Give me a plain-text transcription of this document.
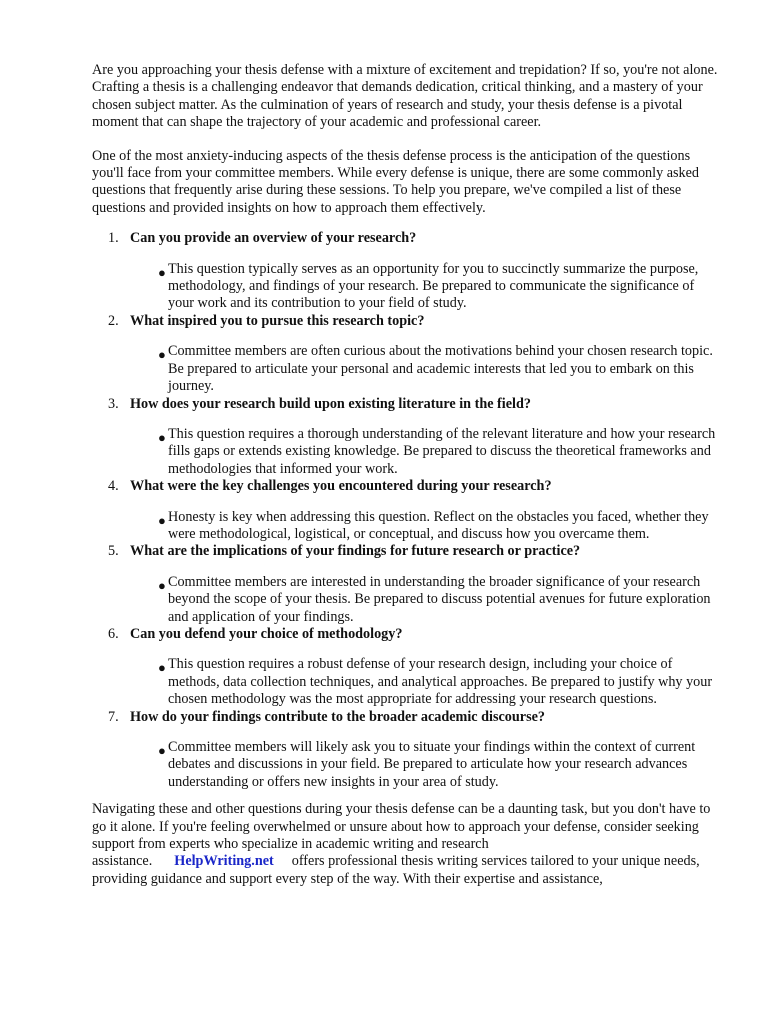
Are you approaching your thesis defense with a mixture of excitement and trepidation? If so, you're not alone. Crafting a thesis is a challenging endeavor that demands dedication, critical thinking, and a mastery of your chosen subject matter. As the culmination of years of research and study, your thesis defense is a pivotal moment that can shape the trajectory of your academic and professional career.

One of the most anxiety-inducing aspects of the thesis defense process is the anticipation of the questions you'll face from your committee members. While every defense is unique, there are some commonly asked questions that frequently arise during these sessions. To help you prepare, we've compiled a list of these questions and provided insights on how to approach them effectively.

1. Can you provide an overview of your research?
● This question typically serves as an opportunity for you to succinctly summarize the purpose, methodology, and findings of your research. Be prepared to communicate the significance of your work and its contribution to your field of study.
2. What inspired you to pursue this research topic?
● Committee members are often curious about the motivations behind your chosen research topic. Be prepared to articulate your personal and academic interests that led you to embark on this journey.
3. How does your research build upon existing literature in the field?
● This question requires a thorough understanding of the relevant literature and how your research fills gaps or extends existing knowledge. Be prepared to discuss the theoretical frameworks and methodologies that informed your work.
4. What were the key challenges you encountered during your research?
● Honesty is key when addressing this question. Reflect on the obstacles you faced, whether they were methodological, logistical, or conceptual, and discuss how you overcame them.
5. What are the implications of your findings for future research or practice?
● Committee members are interested in understanding the broader significance of your research beyond the scope of your thesis. Be prepared to discuss potential avenues for future exploration and application of your findings.
6. Can you defend your choice of methodology?
● This question requires a robust defense of your research design, including your choice of methods, data collection techniques, and analytical approaches. Be prepared to justify why your chosen methodology was the most appropriate for addressing your research questions.
7. How do your findings contribute to the broader academic discourse?
● Committee members will likely ask you to situate your findings within the context of current debates and discussions in your field. Be prepared to articulate how your research advances understanding or offers new insights in your area of study.

Navigating these and other questions during your thesis defense can be a daunting task, but you don't have to go it alone. If you're feeling overwhelmed or unsure about how to approach your defense, consider seeking support from experts who specialize in academic writing and research assistance. HelpWriting.net offers professional thesis writing services tailored to your unique needs, providing guidance and support every step of the way. With their expertise and assistance,
